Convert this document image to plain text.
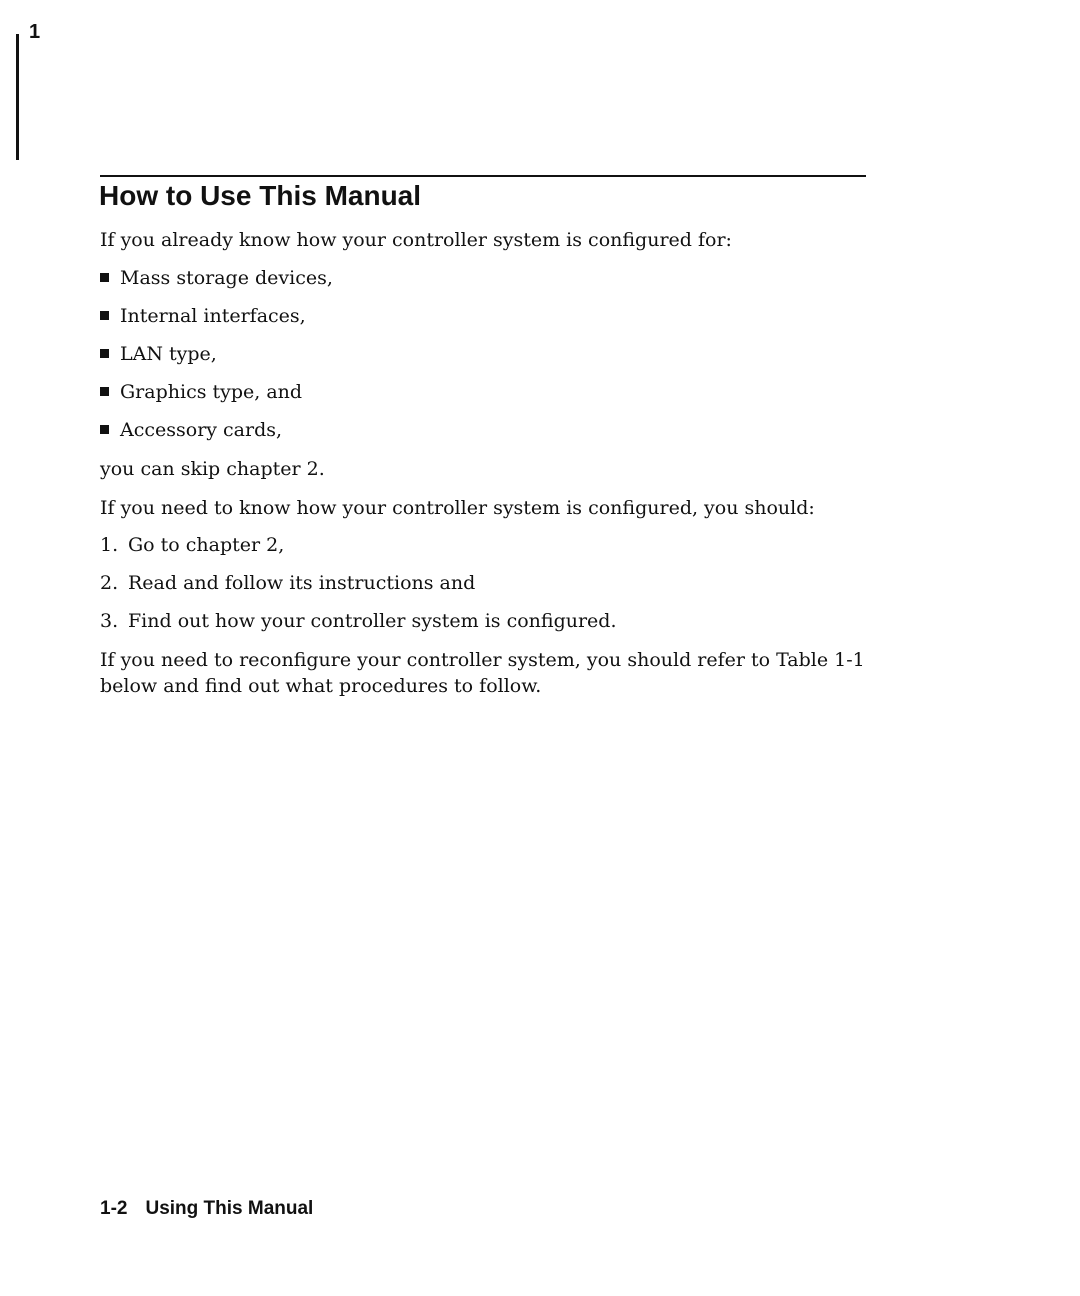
1
How to Use This Manual

If you already know how your controller system is configured for:

Mass storage devices,

Internal interfaces,

LAN type,

Graphics type, and

Accessory cards,

you can skip chapter 2.

If you need to know how your controller system is configured, you should:

1. Go to chapter 2,

2. Read and follow its instructions and

3. Find out how your controller system is configured.

If you need to reconfigure your controller system, you should refer to Table 1-1

below and find out what procedures to follow.

1-2 Using This Manual
